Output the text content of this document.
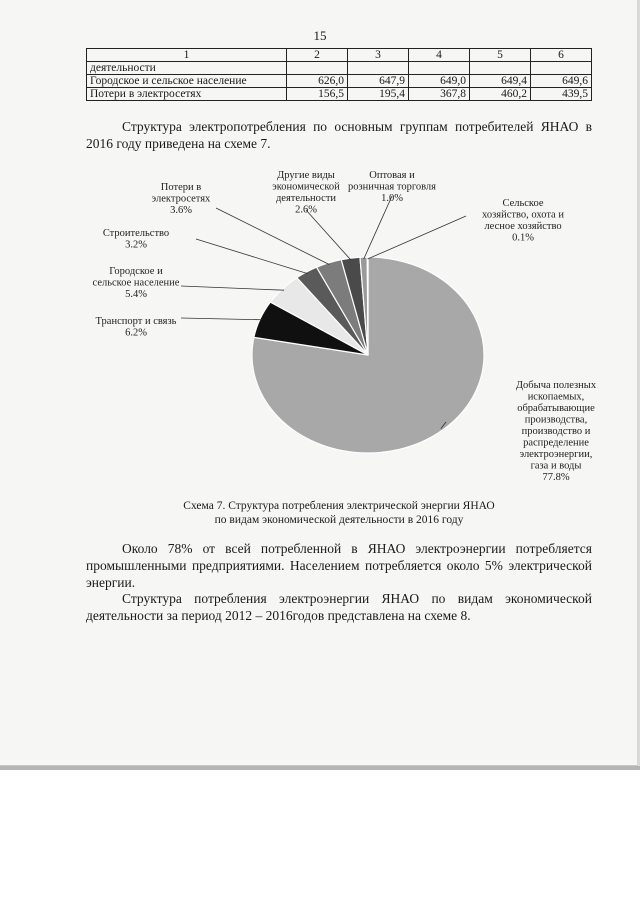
15
1	2	3	4	5	6
деятельности					
Городское и сельское население	626,0	647,9	649,0	649,4	649,6
Потери в электросетях	156,5	195,4	367,8	460,2	439,5
Структура электропотребления по основным группам потребителей ЯНАО в 2016 году приведена на схеме 7.
Добыча полезных ископаемых, обрабатывающие производства, производство и распределение электроэнергии, газа и воды 77.8%
Транспорт и связь 6.2%
Городское и сельское население 5.4%
Строительство 3.2%
Потери в электросетях 3.6%
Другие виды экономической деятельности 2.6%
Оптовая и розничная торговля 1.0%	Сельское хозяйство, охота и лесное хозяйство 0.1%
Схема 7. Структура потребления электрической энергии ЯНАО
по видам экономической деятельности в 2016 году
Около 78% от всей потребленной в ЯНАО электроэнергии потребляется промышленными предприятиями. Населением потребляется около 5% электрической энергии.
Структура потребления электроэнергии ЯНАО по видам экономической деятельности за период 2012 – 2016годов представлена на схеме 8.
